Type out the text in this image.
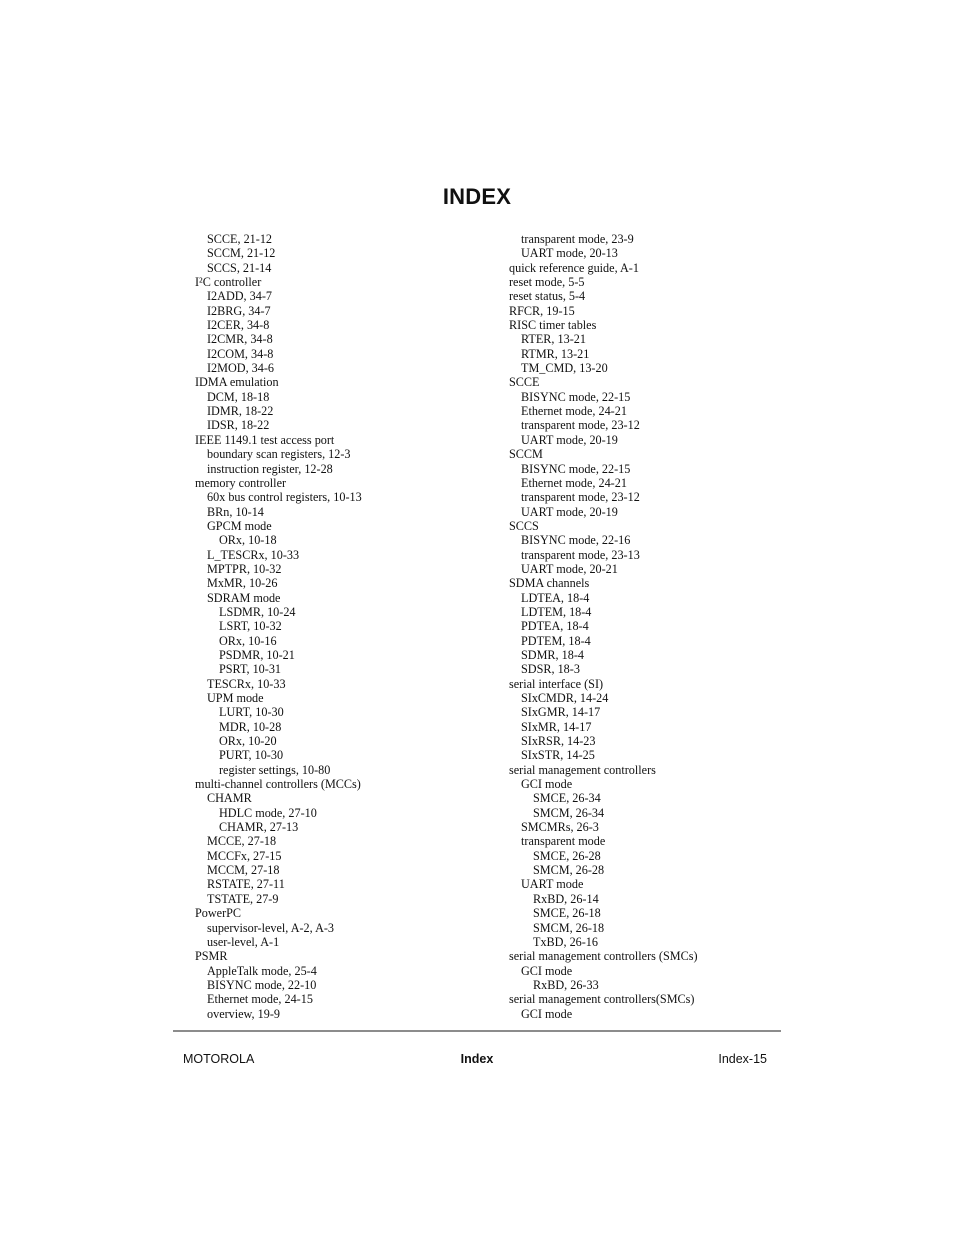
INDEX
SCCE, 21-12
SCCM, 21-12
SCCS, 21-14
I²C controller
I2ADD, 34-7
I2BRG, 34-7
I2CER, 34-8
I2CMR, 34-8
I2COM, 34-8
I2MOD, 34-6
IDMA emulation
DCM, 18-18
IDMR, 18-22
IDSR, 18-22
IEEE 1149.1 test access port
boundary scan registers, 12-3
instruction register, 12-28
memory controller
60x bus control registers, 10-13
BRn, 10-14
GPCM mode
ORx, 10-18
L_TESCRx, 10-33
MPTPR, 10-32
MxMR, 10-26
SDRAM mode
LSDMR, 10-24
LSRT, 10-32
ORx, 10-16
PSDMR, 10-21
PSRT, 10-31
TESCRx, 10-33
UPM mode
LURT, 10-30
MDR, 10-28
ORx, 10-20
PURT, 10-30
register settings, 10-80
multi-channel controllers (MCCs)
CHAMR
HDLC mode, 27-10
CHAMR, 27-13
MCCE, 27-18
MCCFx, 27-15
MCCM, 27-18
RSTATE, 27-11
TSTATE, 27-9
PowerPC
supervisor-level, A-2, A-3
user-level, A-1
PSMR
AppleTalk mode, 25-4
BISYNC mode, 22-10
Ethernet mode, 24-15
overview, 19-9
transparent mode, 23-9
UART mode, 20-13
quick reference guide, A-1
reset mode, 5-5
reset status, 5-4
RFCR, 19-15
RISC timer tables
RTER, 13-21
RTMR, 13-21
TM_CMD, 13-20
SCCE
BISYNC mode, 22-15
Ethernet mode, 24-21
transparent mode, 23-12
UART mode, 20-19
SCCM
BISYNC mode, 22-15
Ethernet mode, 24-21
transparent mode, 23-12
UART mode, 20-19
SCCS
BISYNC mode, 22-16
transparent mode, 23-13
UART mode, 20-21
SDMA channels
LDTEA, 18-4
LDTEM, 18-4
PDTEA, 18-4
PDTEM, 18-4
SDMR, 18-4
SDSR, 18-3
serial interface (SI)
SIxCMDR, 14-24
SIxGMR, 14-17
SIxMR, 14-17
SIxRSR, 14-23
SIxSTR, 14-25
serial management controllers
GCI mode
SMCE, 26-34
SMCM, 26-34
SMCMRs, 26-3
transparent mode
SMCE, 26-28
SMCM, 26-28
UART mode
RxBD, 26-14
SMCE, 26-18
SMCM, 26-18
TxBD, 26-16
serial management controllers (SMCs)
GCI mode
RxBD, 26-33
serial management controllers(SMCs)
GCI mode
MOTOROLA	Index	Index-15
